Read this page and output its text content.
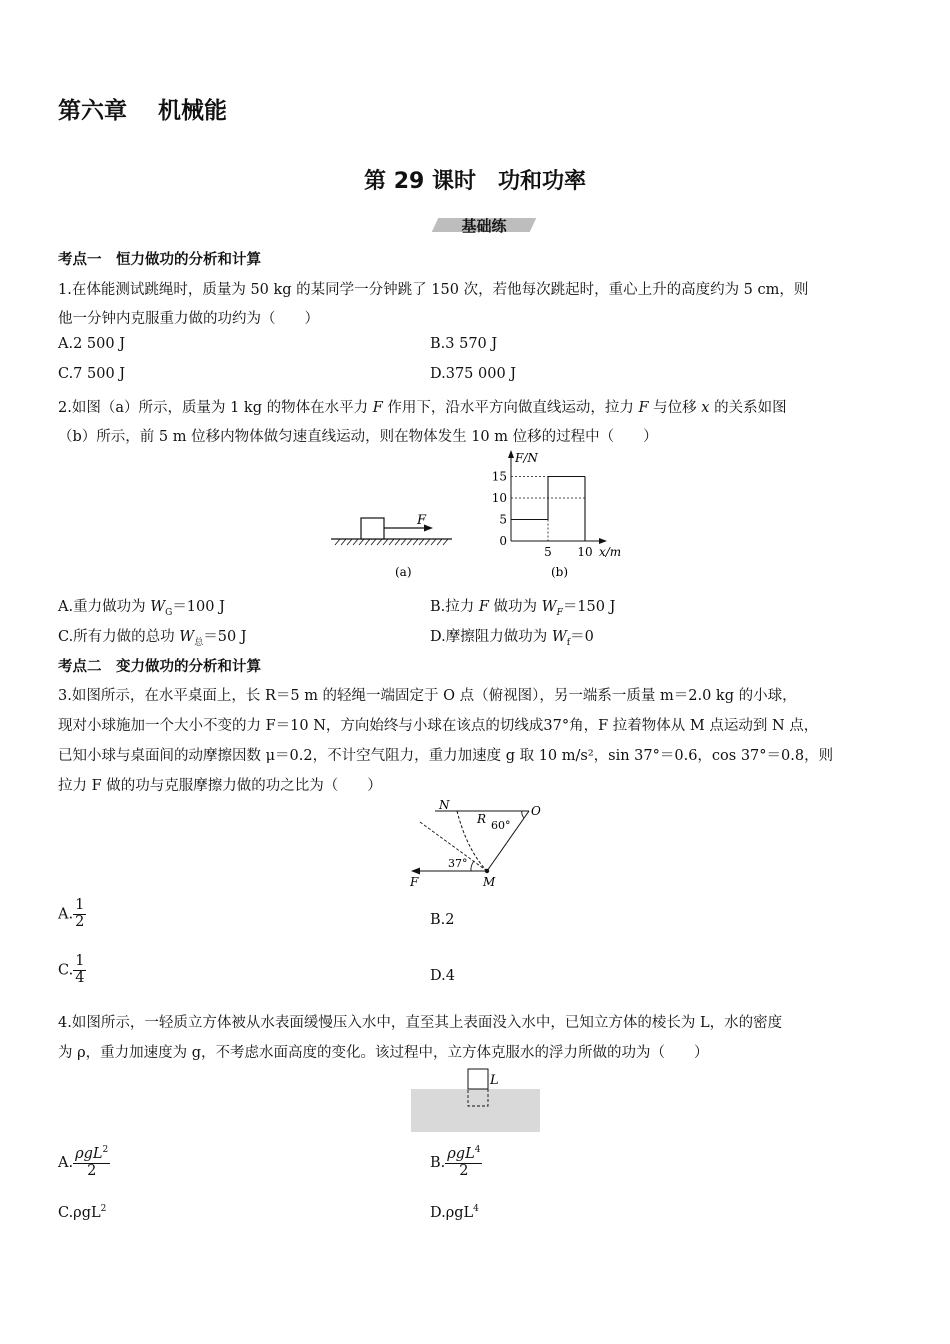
第六章　 机械能
第 29 课时　功和功率
基础练
考点一　恒力做功的分析和计算
1.在体能测试跳绳时，质量为 50 kg 的某同学一分钟跳了 150 次，若他每次跳起时，重心上升的高度约为 5 cm，则
他一分钟内克服重力做的功约为（　　）
A.2 500 J	B.3 570 J
C.7 500 J	D.375 000 J
2.如图（a）所示，质量为 1 kg 的物体在水平力 F 作用下，沿水平方向做直线运动，拉力 F 与位移 x 的关系如图
（b）所示，前 5 m 位移内物体做匀速直线运动，则在物体发生 10 m 位移的过程中（　　）
F
(a)
F/N
x/m
0
5
10
15
5 10
(b)
A.重力做功为 $W_G=100$ J	B.拉力 F 做功为 $W_F=150$ J
C.所有力做的总功 $W_总=50$ J	D.摩擦阻力做功为 $W_f=0$
考点二　变力做功的分析和计算
3.如图所示，在水平桌面上，长 R＝5 m 的轻绳一端固定于 O 点（俯视图），另一端系一质量 m＝2.0 kg 的小球，
现对小球施加一个大小不变的力 F＝10 N，方向始终与小球在该点的切线成37°角，F 拉着物体从 M 点运动到 N 点，
已知小球与桌面间的动摩擦因数 μ＝0.2，不计空气阻力，重力加速度 g 取 10 m/s²，sin 37°＝0.6，cos 37°＝0.8，则
拉力 F 做的功与克服摩擦力做的功之比为（　　）
N	O
R 60°
37°
F	M
A. $\frac{1}{2}$	B.2
C. $\frac{1}{4}$	D.4
4.如图所示，一轻质立方体被从水表面缓慢压入水中，直至其上表面没入水中，已知立方体的棱长为 L，水的密度
为 ρ，重力加速度为 g，不考虑水面高度的变化。该过程中，立方体克服水的浮力所做的功为（　　）
L
A. $\frac{\rho gL^2}{2}$	B. $\frac{\rho gL^4}{2}$
C.ρgL$^2$	D.ρgL$^4$
